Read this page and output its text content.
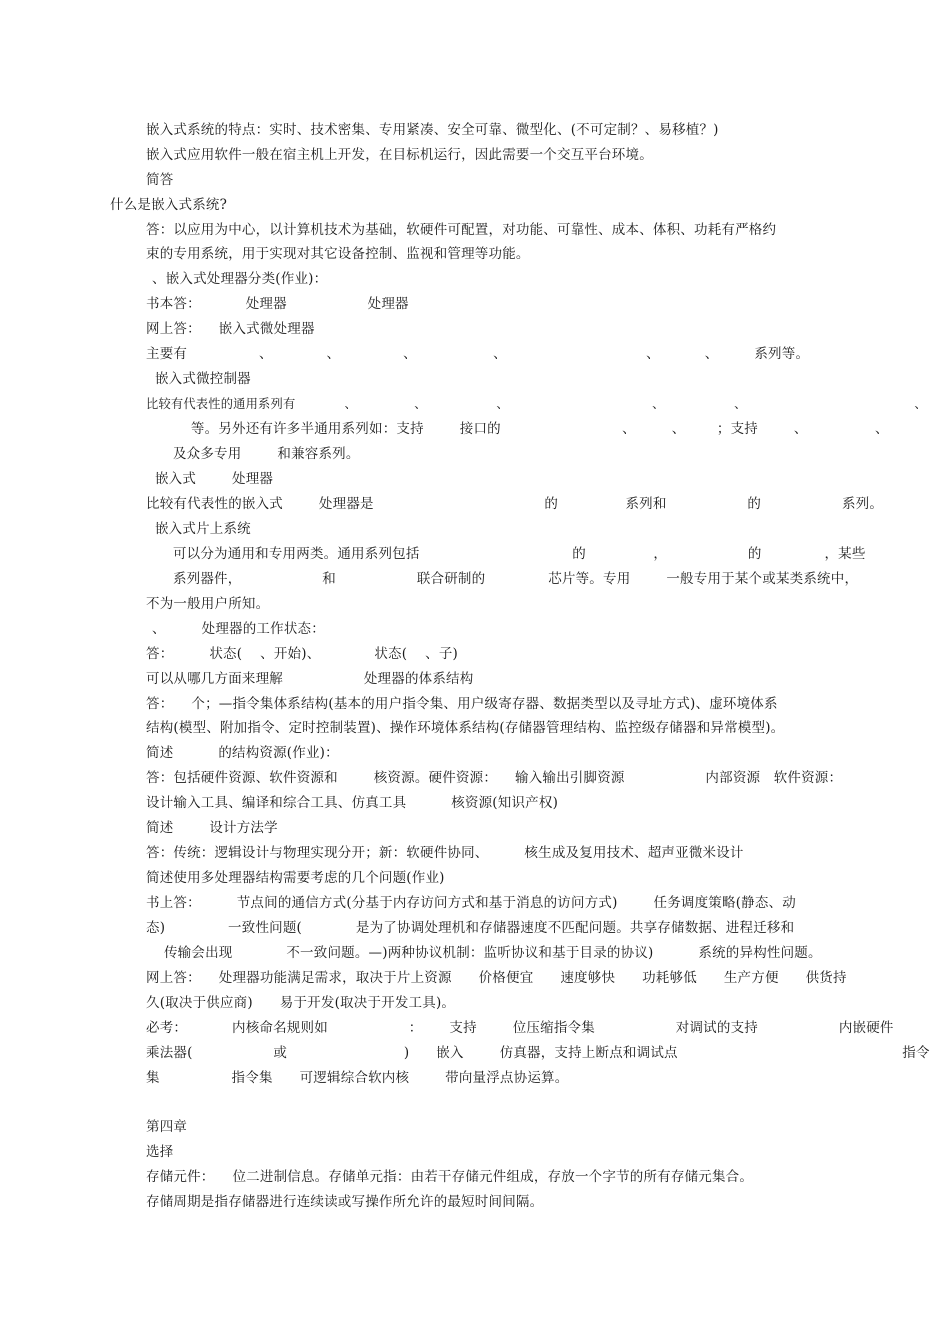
嵌入式系统的特点：实时、技术密集、专用紧凑、安全可靠、微型化、(不可定制？、易移植？)
嵌入式应用软件一般在宿主机上开发，在目标机运行，因此需要一个交互平台环境。
简答
什么是嵌入式系统?
答：以应用为中心，以计算机技术为基础，软硬件可配置，对功能、可靠性、成本、体积、功耗有严格约
束的专用系统，用于实现对其它设备控制、监视和管理等功能。
、嵌入式处理器分类(作业)：
书本答：          处理器                  处理器
网上答：    嵌入式微处理器
主要有                、            、              、                 、                               、          、        系列等。
嵌入式微控制器
比较有代表性的通用系列有            、              、                 、                                   、                 、                                         、
等。另外还有许多半通用系列如：支持        接口的                           、        、       ；支持        、               、
及众多专用        和兼容系列。
嵌入式        处理器
比较有代表性的嵌入式        处理器是                                      的               系列和                  的                  系列。
嵌入式片上系统
可以分为通用和专用两类。通用系列包括                                  的               ，                  的              ，某些
系列器件，                  和                  联合研制的              芯片等。专用        一般专用于某个或某类系统中，
不为一般用户所知。
、        处理器的工作状态：
答：        状态(    、开始)、            状态(    、子)
可以从哪几方面来理解                  处理器的体系结构
答：    个；—指令集体系结构(基本的用户指令集、用户级寄存器、数据类型以及寻址方式)、虚环境体系
结构(模型、附加指令、定时控制装置)、操作环境体系结构(存储器管理结构、监控级存储器和异常模型)。
简述          的结构资源(作业)：
答：包括硬件资源、软件资源和        核资源。硬件资源：    输入输出引脚资源                  内部资源   软件资源：
设计输入工具、编译和综合工具、仿真工具          核资源(知识产权)
简述        设计方法学
答：传统：逻辑设计与物理实现分开；新：软硬件协同、        核生成及复用技术、超声亚微米设计
简述使用多处理器结构需要考虑的几个问题(作业)
书上答：        节点间的通信方式(分基于内存访问方式和基于消息的访问方式)        任务调度策略(静态、动
态)              一致性问题(            是为了协调处理机和存储器速度不匹配问题。共享存储数据、进程迁移和
传输会出现            不一致问题。—)两种协议机制：监听协议和基于目录的协议)          系统的异构性问题。
网上答：    处理器功能满足需求，取决于片上资源      价格便宜      速度够快      功耗够低      生产方便      供货持
久(取决于供应商)      易于开发(取决于开发工具)。
必考：          内核命名规则如                  ：      支持        位压缩指令集                  对调试的支持                  内嵌硬件
乘法器(                  或                          )      嵌入        仿真器，支持上断点和调试点                                                  指令
集                指令集      可逻辑综合软内核        带向量浮点协运算。
第四章
选择
存储元件：    位二进制信息。存储单元指：由若干存储元件组成，存放一个字节的所有存储元集合。
存储周期是指存储器进行连续读或写操作所允许的最短时间间隔。
